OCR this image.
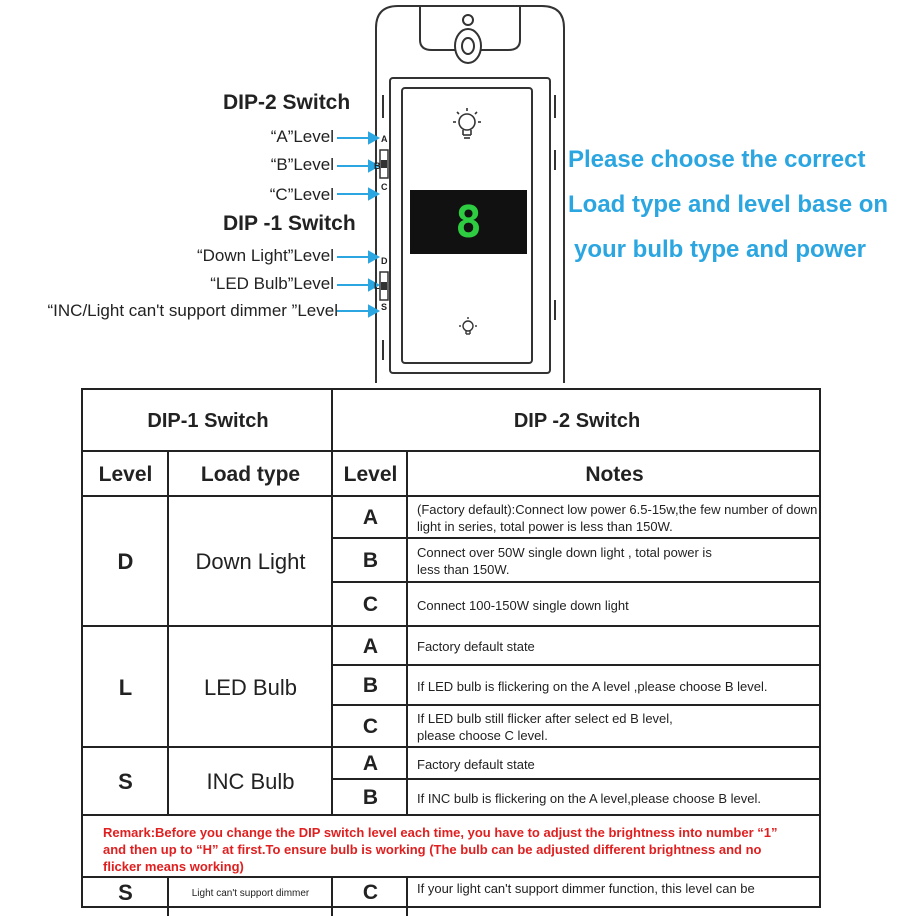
8
A
B
C
D
L
S
DIP-2 Switch
“A”Level
“B”Level
“C”Level
DIP -1 Switch
“Down Light”Level
“LED Bulb”Level
“INC/Light can't support dimmer ”Level
Please choose the correct
Load type and level base on
your bulb type and power
DIP-1 Switch	DIP -2 Switch
Level	Load type	Level	Notes
D	Down Light
A	(Factory default):Connect low power 6.5-15w,the few number of down light in series, total power is less than 150W.
B	Connect over 50W single down light , total power is less than 150W.
C	Connect 100-150W single down light
L	LED Bulb
A	Factory default state
B	If LED bulb is flickering on the A level ,please choose B level.
C	If LED bulb still flicker after select ed B level, please choose C level.
S	INC Bulb
A	Factory default state
B	If INC bulb is flickering on the A level,please choose B level.
Remark:Before you change the DIP switch level each time, you have to adjust the brightness into number “1” and then up to “H” at first.To ensure bulb is working (The bulb can be adjusted different brightness and no flicker means working)
S	Light can't support dimmer	C	If your light can't support dimmer function, this level can be
